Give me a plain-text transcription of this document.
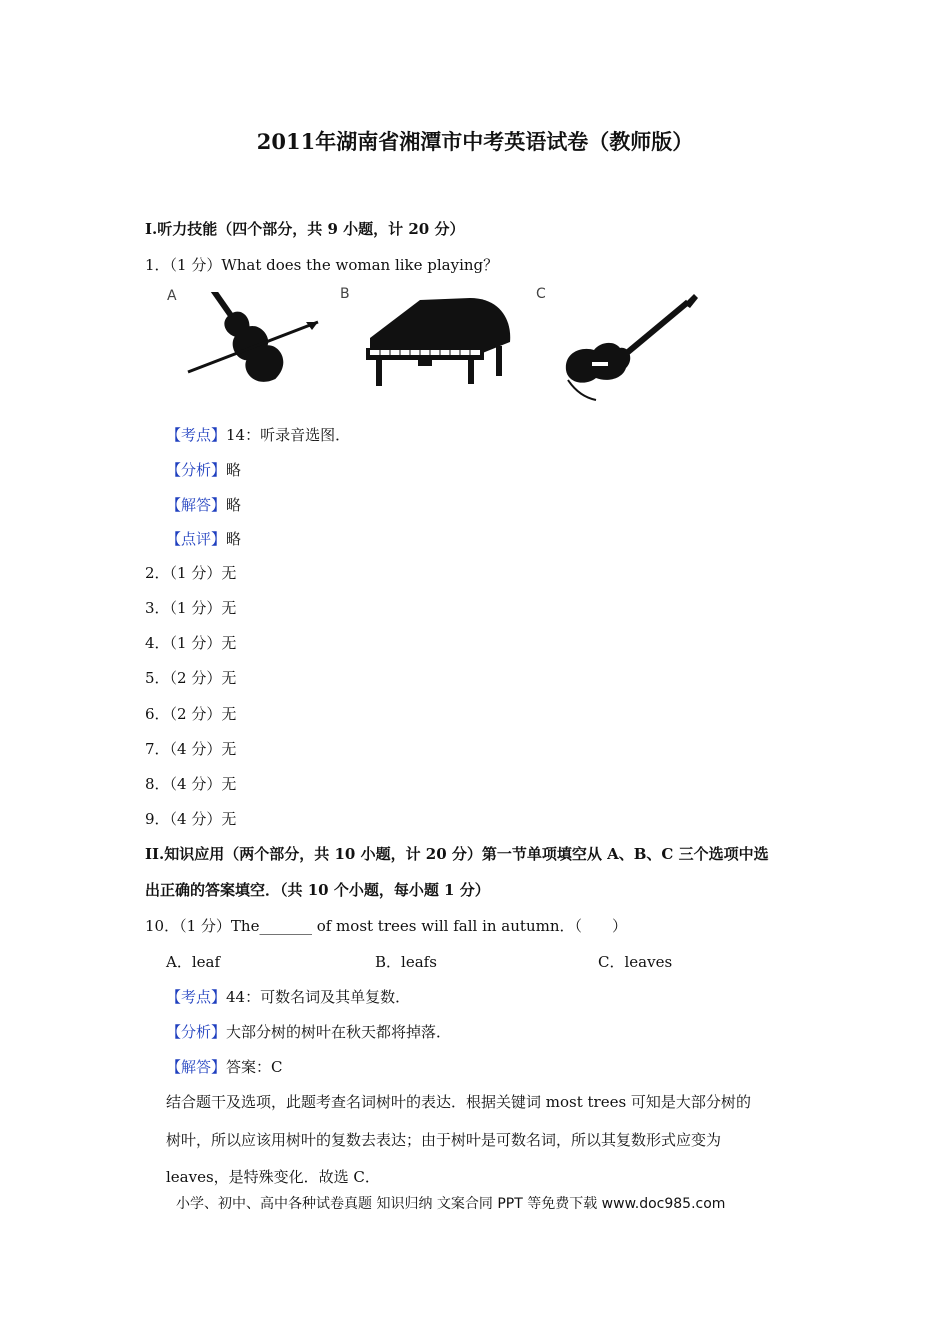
2011年湖南省湘潭市中考英语试卷（教师版）
I.听力技能（四个部分，共 9 小题，计 20 分）
1．（1 分）What does the woman like playing？
A	B	C
【考点】14：听录音选图．
【分析】略
【解答】略
【点评】略
2．（1 分）无
3．（1 分）无
4．（1 分）无
5．（2 分）无
6．（2 分）无
7．（4 分）无
8．（4 分）无
9．（4 分）无
II.知识应用（两个部分，共 10 小题，计 20 分）第一节单项填空从 A、B、C 三个选项中选
出正确的答案填空．（共 10 个小题，每小题 1 分）
10．（1 分）The_______ of most trees will fall in autumn．（　　）
A．leaf	B．leafs	C．leaves
【考点】44：可数名词及其单复数．
【分析】大部分树的树叶在秋天都将掉落．
【解答】答案：C
结合题干及选项，此题考查名词树叶的表达．根据关键词 most trees 可知是大部分树的
树叶，所以应该用树叶的复数去表达；由于树叶是可数名词，所以其复数形式应变为
leaves，是特殊变化．故选 C．
小学、初中、高中各种试卷真题 知识归纳 文案合同 PPT 等免费下载 www.doc985.com
